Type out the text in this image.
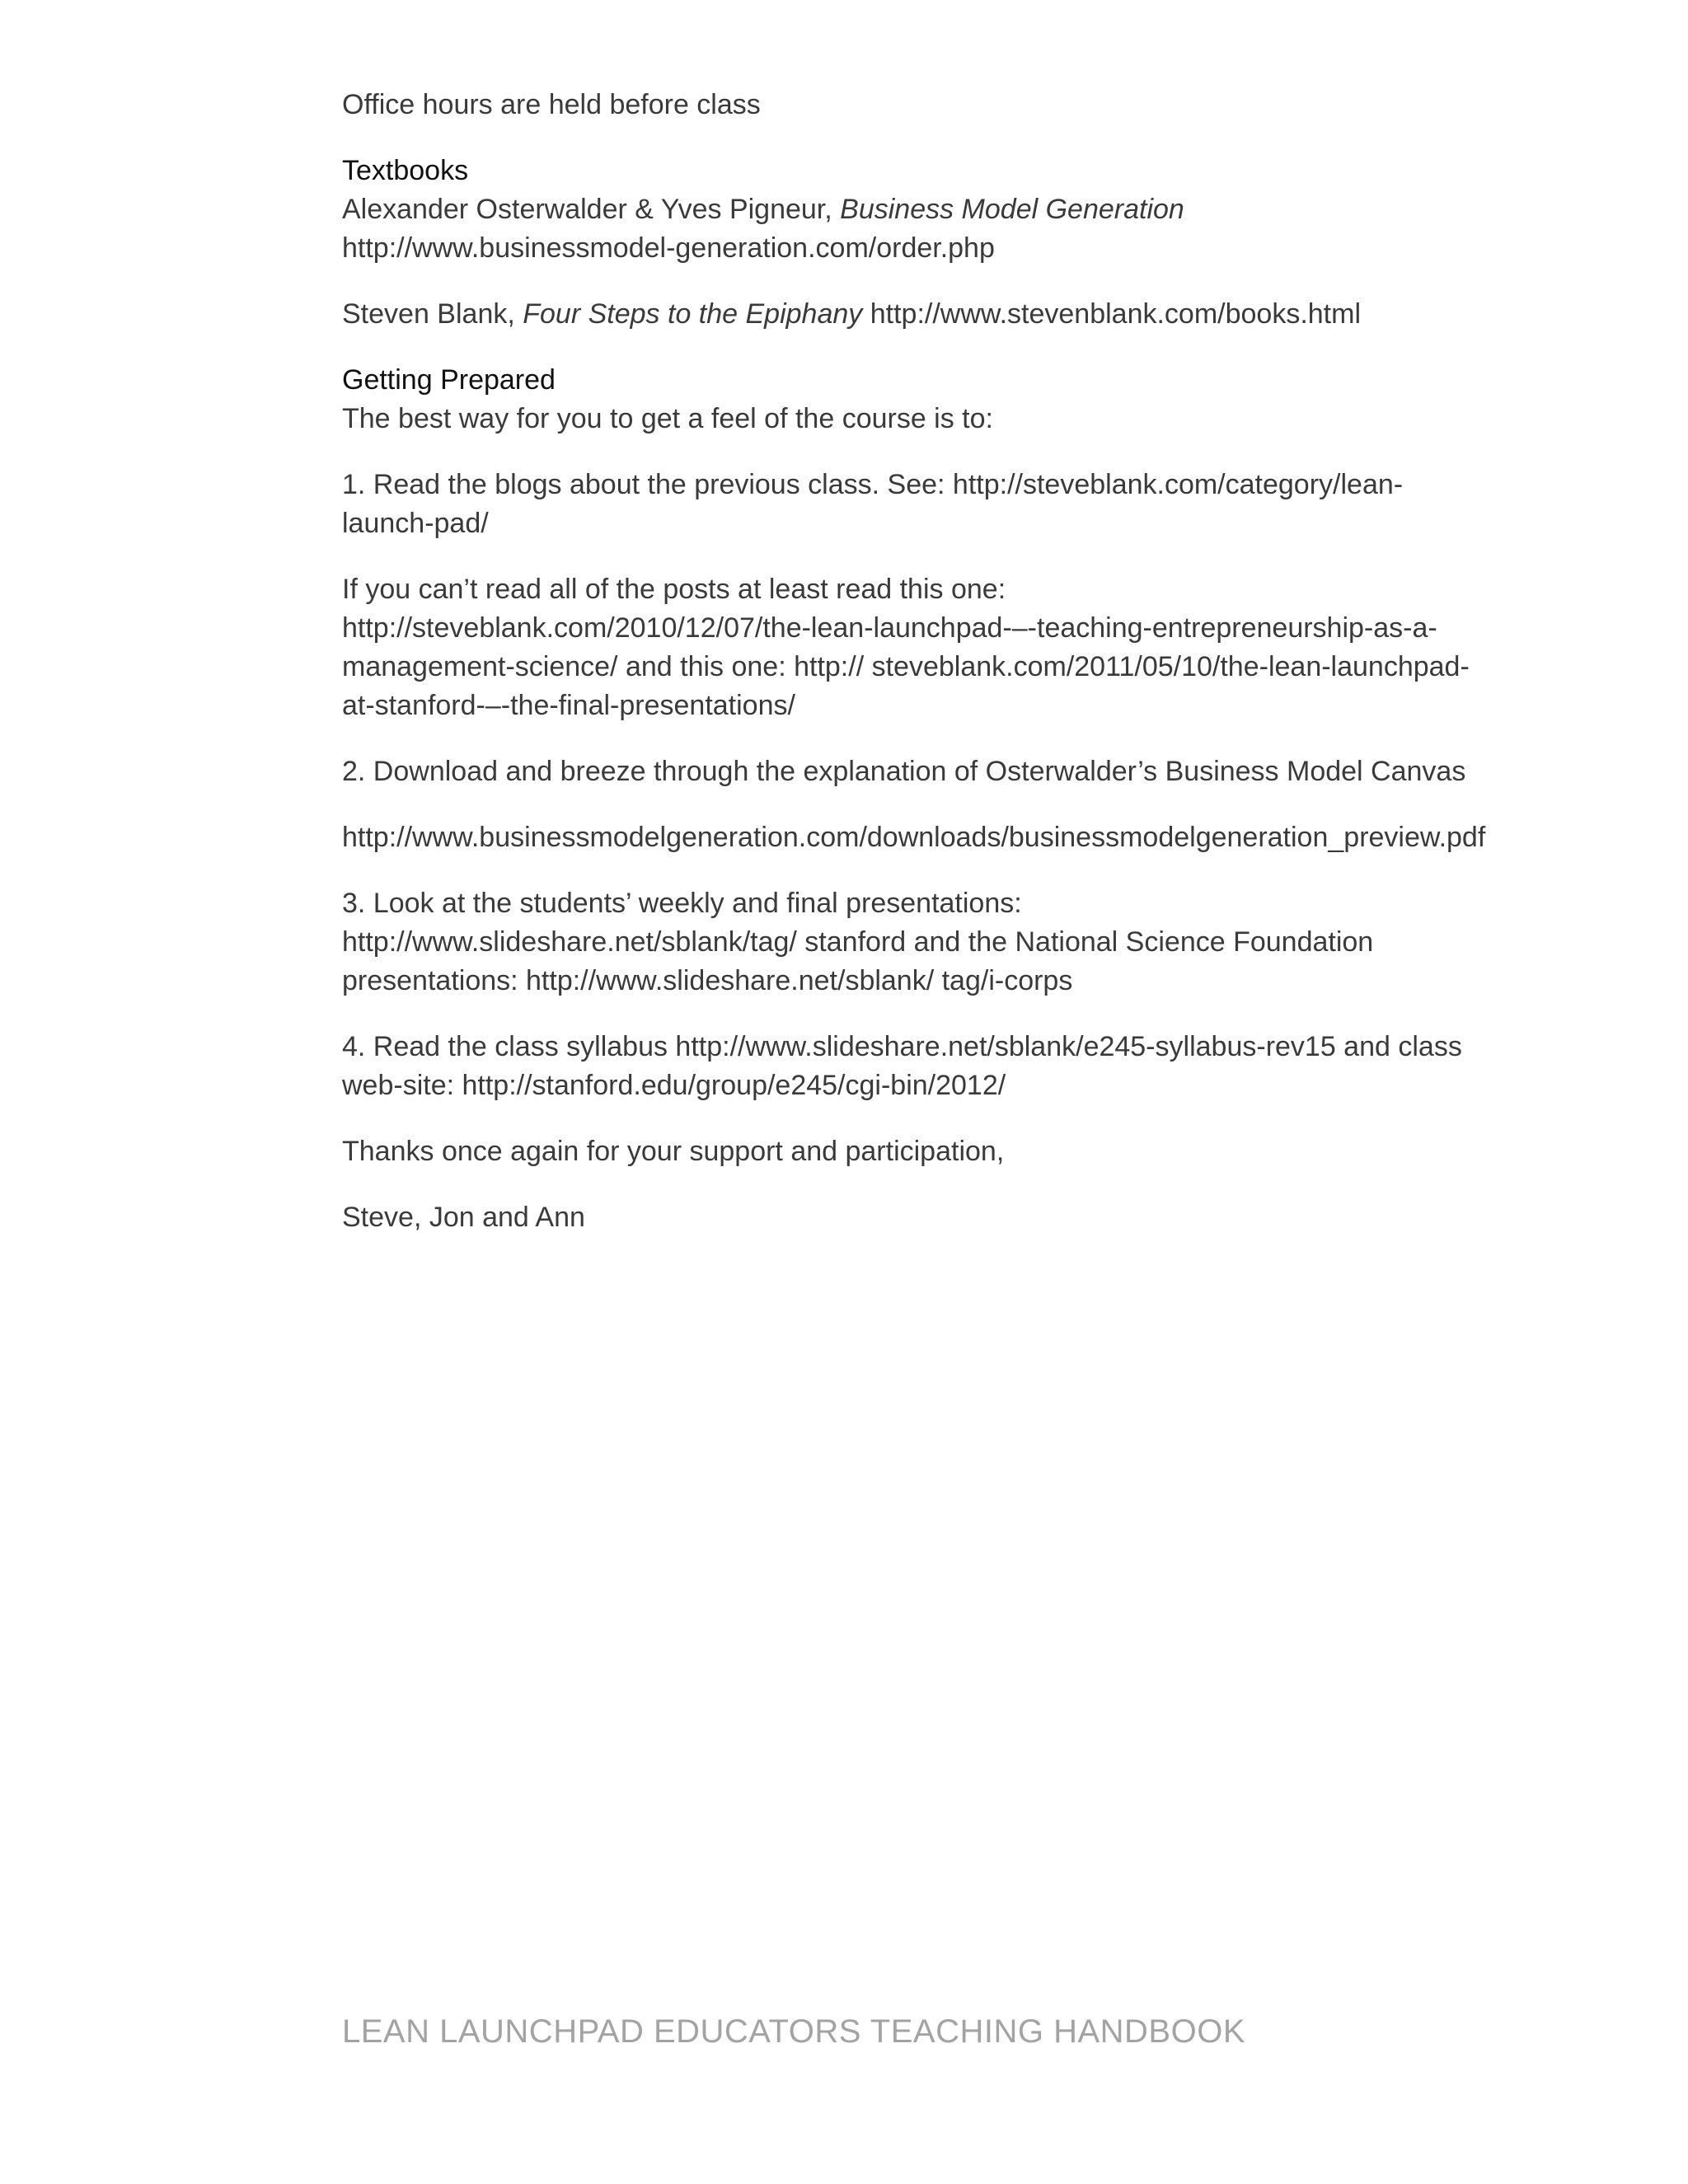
Office hours are held before class

Textbooks

Alexander Osterwalder & Yves Pigneur, Business Model Generation http://www.businessmodel-generation.com/order.php

Steven Blank, Four Steps to the Epiphany http://www.stevenblank.com/books.html

Getting Prepared

The best way for you to get a feel of the course is to:

1. Read the blogs about the previous class. See: http://steveblank.com/category/lean-launch-pad/

If you can’t read all of the posts at least read this one: http://steveblank.com/2010/12/07/the-lean-launchpad-–-teaching-entrepreneurship-as-a-management-science/ and this one: http:// steveblank.com/2011/05/10/the-lean-launchpad-at-stanford-–-the-final-presentations/

2. Download and breeze through the explanation of Osterwalder’s Business Model Canvas

http://www.businessmodelgeneration.com/downloads/businessmodelgeneration_preview.pdf

3. Look at the students’ weekly and final presentations: http://www.slideshare.net/sblank/tag/ stanford and the National Science Foundation presentations: http://www.slideshare.net/sblank/ tag/i-corps

4. Read the class syllabus http://www.slideshare.net/sblank/e245-syllabus-rev15 and class web-site: http://stanford.edu/group/e245/cgi-bin/2012/

Thanks once again for your support and participation,

Steve, Jon and Ann

LEAN LAUNCHPAD EDUCATORS TEACHING HANDBOOK
